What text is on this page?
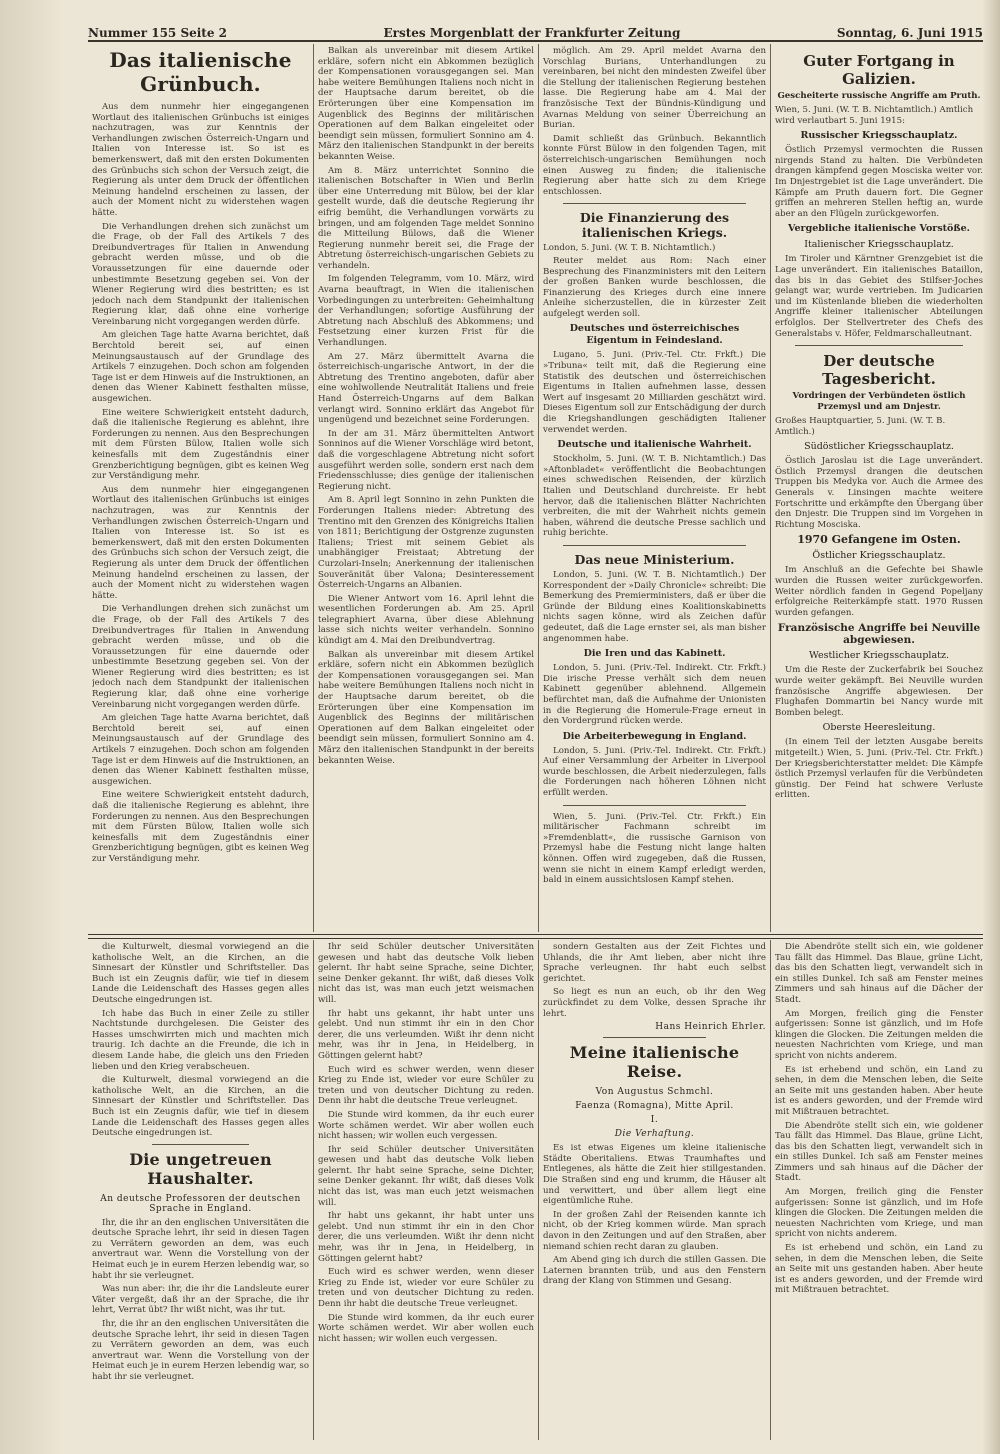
Nummer 155 Seite 2	Erstes Morgenblatt der Frankfurter Zeitung	Sonntag, 6. Juni 1915
Das italienische Grünbuch.

Aus dem nunmehr hier eingegangenen Wortlaut des italienischen Grünbuchs ist einiges nachzutragen, was zur Kenntnis der Verhandlungen zwischen Österreich-Ungarn und Italien von Interesse ist. So ist es bemerkenswert, daß mit den ersten Dokumenten des Grünbuchs sich schon der Versuch zeigt, die Regierung als unter dem Druck der öffentlichen Meinung handelnd erscheinen zu lassen, der auch der Moment nicht zu widerstehen wagen hätte.

Die Verhandlungen drehen sich zunächst um die Frage, ob der Fall des Artikels 7 des Dreibundvertrages für Italien in Anwendung gebracht werden müsse, und ob die Voraussetzungen für eine dauernde oder unbestimmte Besetzung gegeben sei. Von der Wiener Regierung wird dies bestritten; es ist jedoch nach dem Standpunkt der italienischen Regierung klar, daß ohne eine vorherige Vereinbarung nicht vorgegangen werden dürfe.

Am gleichen Tage hatte Avarna berichtet, daß Berchtold bereit sei, auf einen Meinungsaustausch auf der Grundlage des Artikels 7 einzugehen. Doch schon am folgenden Tage ist er dem Hinweis auf die Instruktionen, an denen das Wiener Kabinett festhalten müsse, ausgewichen.

Eine weitere Schwierigkeit entsteht dadurch, daß die italienische Regierung es ablehnt, ihre Forderungen zu nennen. Aus den Besprechungen mit dem Fürsten Bülow, Italien wolle sich keinesfalls mit dem Zugeständnis einer Grenzberichtigung begnügen, gibt es keinen Weg zur Verständigung mehr.

Aus dem nunmehr hier eingegangenen Wortlaut des italienischen Grünbuchs ist einiges nachzutragen, was zur Kenntnis der Verhandlungen zwischen Österreich-Ungarn und Italien von Interesse ist. So ist es bemerkenswert, daß mit den ersten Dokumenten des Grünbuchs sich schon der Versuch zeigt, die Regierung als unter dem Druck der öffentlichen Meinung handelnd erscheinen zu lassen, der auch der Moment nicht zu widerstehen wagen hätte.

Die Verhandlungen drehen sich zunächst um die Frage, ob der Fall des Artikels 7 des Dreibundvertrages für Italien in Anwendung gebracht werden müsse, und ob die Voraussetzungen für eine dauernde oder unbestimmte Besetzung gegeben sei. Von der Wiener Regierung wird dies bestritten; es ist jedoch nach dem Standpunkt der italienischen Regierung klar, daß ohne eine vorherige Vereinbarung nicht vorgegangen werden dürfe.

Am gleichen Tage hatte Avarna berichtet, daß Berchtold bereit sei, auf einen Meinungsaustausch auf der Grundlage des Artikels 7 einzugehen. Doch schon am folgenden Tage ist er dem Hinweis auf die Instruktionen, an denen das Wiener Kabinett festhalten müsse, ausgewichen.

Eine weitere Schwierigkeit entsteht dadurch, daß die italienische Regierung es ablehnt, ihre Forderungen zu nennen. Aus den Besprechungen mit dem Fürsten Bülow, Italien wolle sich keinesfalls mit dem Zugeständnis einer Grenzberichtigung begnügen, gibt es keinen Weg zur Verständigung mehr.

Balkan als unvereinbar mit diesem Artikel erkläre, sofern nicht ein Abkommen bezüglich der Kompensationen vorausgegangen sei. Man habe weitere Bemühungen Italiens noch nicht in der Hauptsache darum bereitet, ob die Erörterungen über eine Kompensation im Augenblick des Beginns der militärischen Operationen auf dem Balkan eingeleitet oder beendigt sein müssen, formuliert Sonnino am 4. März den italienischen Standpunkt in der bereits bekannten Weise.

Am 8. März unterrichtet Sonnino die italienischen Botschafter in Wien und Berlin über eine Unterredung mit Bülow, bei der klar gestellt wurde, daß die deutsche Regierung ihr eifrig bemüht, die Verhandlungen vorwärts zu bringen, und am folgenden Tage meldet Sonnino die Mitteilung Bülows, daß die Wiener Regierung nunmehr bereit sei, die Frage der Abtretung österreichisch-ungarischen Gebiets zu verhandeln.

Im folgenden Telegramm, vom 10. März, wird Avarna beauftragt, in Wien die italienischen Vorbedingungen zu unterbreiten: Geheimhaltung der Verhandlungen; sofortige Ausführung der Abtretung nach Abschluß des Abkommens; und Festsetzung einer kurzen Frist für die Verhandlungen.

Am 27. März übermittelt Avarna die österreichisch-ungarische Antwort, in der die Abtretung des Trentino angeboten, dafür aber eine wohlwollende Neutralität Italiens und freie Hand Österreich-Ungarns auf dem Balkan verlangt wird. Sonnino erklärt das Angebot für ungenügend und bezeichnet seine Forderungen.

In der am 31. März übermittelten Antwort Sonninos auf die Wiener Vorschläge wird betont, daß die vorgeschlagene Abtretung nicht sofort ausgeführt werden solle, sondern erst nach dem Friedensschlusse; dies genüge der italienischen Regierung nicht.

Am 8. April legt Sonnino in zehn Punkten die Forderungen Italiens nieder: Abtretung des Trentino mit den Grenzen des Königreichs Italien von 1811; Berichtigung der Ostgrenze zugunsten Italiens; Triest mit seinem Gebiet als unabhängiger Freistaat; Abtretung der Curzolari-Inseln; Anerkennung der italienischen Souveränität über Valona; Desinteressement Österreich-Ungarns an Albanien.

Die Wiener Antwort vom 16. April lehnt die wesentlichen Forderungen ab. Am 25. April telegraphiert Avarna, über diese Ablehnung lasse sich nichts weiter verhandeln. Sonnino kündigt am 4. Mai den Dreibundvertrag.

Balkan als unvereinbar mit diesem Artikel erkläre, sofern nicht ein Abkommen bezüglich der Kompensationen vorausgegangen sei. Man habe weitere Bemühungen Italiens noch nicht in der Hauptsache darum bereitet, ob die Erörterungen über eine Kompensation im Augenblick des Beginns der militärischen Operationen auf dem Balkan eingeleitet oder beendigt sein müssen, formuliert Sonnino am 4. März den italienischen Standpunkt in der bereits bekannten Weise.

möglich. Am 29. April meldet Avarna den Vorschlag Burians, Unterhandlungen zu vereinbaren, bei nicht den mindesten Zweifel über die Stellung der italienischen Regierung bestehen lasse. Die Regierung habe am 4. Mai der französische Text der Bündnis-Kündigung und Avarnas Meldung von seiner Überreichung an Burian.

Damit schließt das Grünbuch. Bekanntlich konnte Fürst Bülow in den folgenden Tagen, mit österreichisch-ungarischen Bemühungen noch einen Ausweg zu finden; die italienische Regierung aber hatte sich zu dem Kriege entschlossen.

Die Finanzierung des italienischen Kriegs.
London, 5. Juni. (W. T. B. Nichtamtlich.)

Reuter meldet aus Rom: Nach einer Besprechung des Finanzministers mit den Leitern der großen Banken wurde beschlossen, die Finanzierung des Krieges durch eine innere Anleihe sicherzustellen, die in kürzester Zeit aufgelegt werden soll.

Deutsches und österreichisches Eigentum in Feindesland.

Lugano, 5. Juni. (Priv.-Tel. Ctr. Frkft.) Die »Tribuna« teilt mit, daß die Regierung eine Statistik des deutschen und österreichischen Eigentums in Italien aufnehmen lasse, dessen Wert auf insgesamt 20 Milliarden geschätzt wird. Dieses Eigentum soll zur Entschädigung der durch die Kriegshandlungen geschädigten Italiener verwendet werden.

Deutsche und italienische Wahrheit.

Stockholm, 5. Juni. (W. T. B. Nichtamtlich.) Das »Aftonbladet« veröffentlicht die Beobachtungen eines schwedischen Reisenden, der kürzlich Italien und Deutschland durchreiste. Er hebt hervor, daß die italienischen Blätter Nachrichten verbreiten, die mit der Wahrheit nichts gemein haben, während die deutsche Presse sachlich und ruhig berichte.

Das neue Ministerium.

London, 5. Juni. (W. T. B. Nichtamtlich.) Der Korrespondent der »Daily Chronicle« schreibt: Die Bemerkung des Premierministers, daß er über die Gründe der Bildung eines Koalitionskabinetts nichts sagen könne, wird als Zeichen dafür gedeutet, daß die Lage ernster sei, als man bisher angenommen habe.

Die Iren und das Kabinett.

London, 5. Juni. (Priv.-Tel. Indirekt. Ctr. Frkft.) Die irische Presse verhält sich dem neuen Kabinett gegenüber ablehnend. Allgemein befürchtet man, daß die Aufnahme der Unionisten in die Regierung die Homerule-Frage erneut in den Vordergrund rücken werde.

Die Arbeiterbewegung in England.

London, 5. Juni. (Priv.-Tel. Indirekt. Ctr. Frkft.) Auf einer Versammlung der Arbeiter in Liverpool wurde beschlossen, die Arbeit niederzulegen, falls die Forderungen nach höheren Löhnen nicht erfüllt werden.

Wien, 5. Juni. (Priv.-Tel. Ctr. Frkft.) Ein militärischer Fachmann schreibt im »Fremdenblatt«, die russische Garnison von Przemysl habe die Festung nicht lange halten können. Offen wird zugegeben, daß die Russen, wenn sie nicht in einem Kampf erledigt werden, bald in einem aussichtslosen Kampf stehen.

Guter Fortgang in Galizien.
Gescheiterte russische Angriffe am Pruth.
Wien, 5. Juni. (W. T. B. Nichtamtlich.) Amtlich wird verlautbart 5. Juni 1915:
Russischer Kriegsschauplatz.

Östlich Przemysl vermochten die Russen nirgends Stand zu halten. Die Verbündeten drangen kämpfend gegen Mosciska weiter vor. Im Dnjestrgebiet ist die Lage unverändert. Die Kämpfe am Pruth dauern fort. Die Gegner griffen an mehreren Stellen heftig an, wurde aber an den Flügeln zurückgeworfen.

Vergebliche italienische Vorstöße.
Italienischer Kriegsschauplatz.

Im Tiroler und Kärntner Grenzgebiet ist die Lage unverändert. Ein italienisches Bataillon, das bis in das Gebiet des Stilfser-Joches gelangt war, wurde vertrieben. Im Judicarien und im Küstenlande blieben die wiederholten Angriffe kleiner italienischer Abteilungen erfolglos. Der Stellvertreter des Chefs des Generalstabs v. Höfer, Feldmarschalleutnant.

Der deutsche Tagesbericht.
Vordringen der Verbündeten östlich Przemysl und am Dnjestr.
Großes Hauptquartier, 5. Juni. (W. T. B. Amtlich.)
Südöstlicher Kriegsschauplatz.

Östlich Jaroslau ist die Lage unverändert. Östlich Przemysl drangen die deutschen Truppen bis Medyka vor. Auch die Armee des Generals v. Linsingen machte weitere Fortschritte und erkämpfte den Übergang über den Dnjestr. Die Truppen sind im Vorgehen in Richtung Mosciska.

1970 Gefangene im Osten.
Östlicher Kriegsschauplatz.

Im Anschluß an die Gefechte bei Shawle wurden die Russen weiter zurückgeworfen. Weiter nördlich fanden in Gegend Popeljany erfolgreiche Reiterkämpfe statt. 1970 Russen wurden gefangen.

Französische Angriffe bei Neuville abgewiesen.
Westlicher Kriegsschauplatz.

Um die Reste der Zuckerfabrik bei Souchez wurde weiter gekämpft. Bei Neuville wurden französische Angriffe abgewiesen. Der Flughafen Dommartin bei Nancy wurde mit Bomben belegt.

Oberste Heeresleitung.

(In einem Teil der letzten Ausgabe bereits mitgeteilt.) Wien, 5. Juni. (Priv.-Tel. Ctr. Frkft.) Der Kriegsberichterstatter meldet: Die Kämpfe östlich Przemysl verlaufen für die Verbündeten günstig. Der Feind hat schwere Verluste erlitten.

die Kulturwelt, diesmal vorwiegend an die katholische Welt, an die Kirchen, an die Sinnesart der Künstler und Schriftsteller. Das Buch ist ein Zeugnis dafür, wie tief in diesem Lande die Leidenschaft des Hasses gegen alles Deutsche eingedrungen ist.

Ich habe das Buch in einer Zeile zu stiller Nachtstunde durchgelesen. Die Geister des Hasses umschwirrten mich und machten mich traurig. Ich dachte an die Freunde, die ich in diesem Lande habe, die gleich uns den Frieden lieben und den Krieg verabscheuen.

die Kulturwelt, diesmal vorwiegend an die katholische Welt, an die Kirchen, an die Sinnesart der Künstler und Schriftsteller. Das Buch ist ein Zeugnis dafür, wie tief in diesem Lande die Leidenschaft des Hasses gegen alles Deutsche eingedrungen ist.

Die ungetreuen Haushalter.
An deutsche Professoren der deutschen Sprache in England.

Ihr, die ihr an den englischen Universitäten die deutsche Sprache lehrt, ihr seid in diesen Tagen zu Verrätern geworden an dem, was euch anvertraut war. Wenn die Vorstellung von der Heimat euch je in eurem Herzen lebendig war, so habt ihr sie verleugnet.

Was nun aber: ihr, die ihr die Landsleute eurer Väter vergeßt, daß ihr an der Sprache, die ihr lehrt, Verrat übt? Ihr wißt nicht, was ihr tut.

Ihr, die ihr an den englischen Universitäten die deutsche Sprache lehrt, ihr seid in diesen Tagen zu Verrätern geworden an dem, was euch anvertraut war. Wenn die Vorstellung von der Heimat euch je in eurem Herzen lebendig war, so habt ihr sie verleugnet.

Ihr seid Schüler deutscher Universitäten gewesen und habt das deutsche Volk lieben gelernt. Ihr habt seine Sprache, seine Dichter, seine Denker gekannt. Ihr wißt, daß dieses Volk nicht das ist, was man euch jetzt weismachen will.

Ihr habt uns gekannt, ihr habt unter uns gelebt. Und nun stimmt ihr ein in den Chor derer, die uns verleumden. Wißt ihr denn nicht mehr, was ihr in Jena, in Heidelberg, in Göttingen gelernt habt?

Euch wird es schwer werden, wenn dieser Krieg zu Ende ist, wieder vor eure Schüler zu treten und von deutscher Dichtung zu reden. Denn ihr habt die deutsche Treue verleugnet.

Die Stunde wird kommen, da ihr euch eurer Worte schämen werdet. Wir aber wollen euch nicht hassen; wir wollen euch vergessen.

Ihr seid Schüler deutscher Universitäten gewesen und habt das deutsche Volk lieben gelernt. Ihr habt seine Sprache, seine Dichter, seine Denker gekannt. Ihr wißt, daß dieses Volk nicht das ist, was man euch jetzt weismachen will.

Ihr habt uns gekannt, ihr habt unter uns gelebt. Und nun stimmt ihr ein in den Chor derer, die uns verleumden. Wißt ihr denn nicht mehr, was ihr in Jena, in Heidelberg, in Göttingen gelernt habt?

Euch wird es schwer werden, wenn dieser Krieg zu Ende ist, wieder vor eure Schüler zu treten und von deutscher Dichtung zu reden. Denn ihr habt die deutsche Treue verleugnet.

Die Stunde wird kommen, da ihr euch eurer Worte schämen werdet. Wir aber wollen euch nicht hassen; wir wollen euch vergessen.

sondern Gestalten aus der Zeit Fichtes und Uhlands, die ihr Amt lieben, aber nicht ihre Sprache verleugnen. Ihr habt euch selbst gerichtet.

So liegt es nun an euch, ob ihr den Weg zurückfindet zu dem Volke, dessen Sprache ihr lehrt.

Hans Heinrich Ehrler.
Meine italienische Reise.
Von Augustus Schmchl.
Faenza (Romagna), Mitte April.
I.
Die Verhaftung.

Es ist etwas Eigenes um kleine italienische Städte Oberitaliens. Etwas Traumhaftes und Entlegenes, als hätte die Zeit hier stillgestanden. Die Straßen sind eng und krumm, die Häuser alt und verwittert, und über allem liegt eine eigentümliche Ruhe.

In der großen Zahl der Reisenden kannte ich nicht, ob der Krieg kommen würde. Man sprach davon in den Zeitungen und auf den Straßen, aber niemand schien recht daran zu glauben.

Am Abend ging ich durch die stillen Gassen. Die Laternen brannten trüb, und aus den Fenstern drang der Klang von Stimmen und Gesang.

Die Abendröte stellt sich ein, wie goldener Tau fällt das Himmel. Das Blaue, grüne Licht, das bis den Schatten liegt, verwandelt sich in ein stilles Dunkel. Ich saß am Fenster meines Zimmers und sah hinaus auf die Dächer der Stadt.

Am Morgen, freilich ging die Fenster aufgerissen: Sonne ist gänzlich, und im Hofe klingen die Glocken. Die Zeitungen melden die neuesten Nachrichten vom Kriege, und man spricht von nichts anderem.

Es ist erhebend und schön, ein Land zu sehen, in dem die Menschen leben, die Seite an Seite mit uns gestanden haben. Aber heute ist es anders geworden, und der Fremde wird mit Mißtrauen betrachtet.

Die Abendröte stellt sich ein, wie goldener Tau fällt das Himmel. Das Blaue, grüne Licht, das bis den Schatten liegt, verwandelt sich in ein stilles Dunkel. Ich saß am Fenster meines Zimmers und sah hinaus auf die Dächer der Stadt.

Am Morgen, freilich ging die Fenster aufgerissen: Sonne ist gänzlich, und im Hofe klingen die Glocken. Die Zeitungen melden die neuesten Nachrichten vom Kriege, und man spricht von nichts anderem.

Es ist erhebend und schön, ein Land zu sehen, in dem die Menschen leben, die Seite an Seite mit uns gestanden haben. Aber heute ist es anders geworden, und der Fremde wird mit Mißtrauen betrachtet.
